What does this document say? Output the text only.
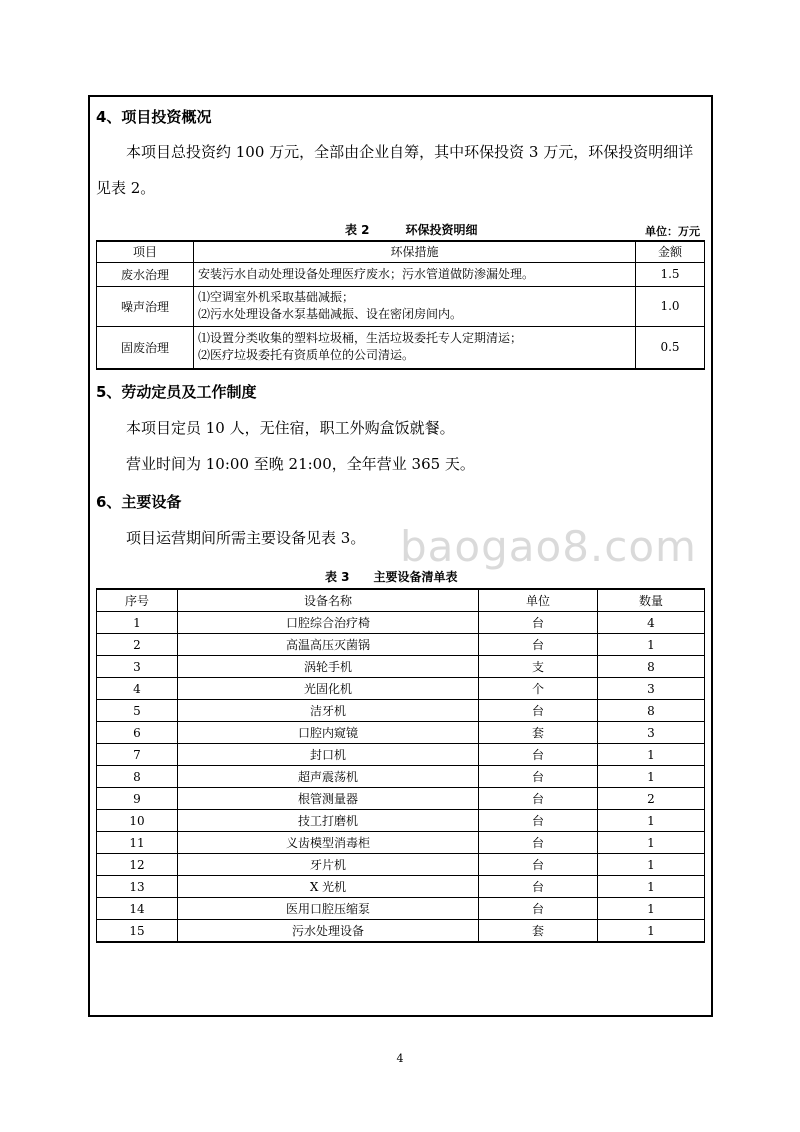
4、项目投资概况
本项目总投资约 100 万元，全部由企业自筹，其中环保投资 3 万元，环保投资明细详见表 2。
表 2　　　环保投资明细	单位：万元
项目	环保措施	金额
废水治理	安装污水自动处理设备处理医疗废水；污水管道做防渗漏处理。	1.5
噪声治理	⑴空调室外机采取基础减振；
⑵污水处理设备水泵基础减振、设在密闭房间内。	1.0
固废治理	⑴设置分类收集的塑料垃圾桶，生活垃圾委托专人定期清运；
⑵医疗垃圾委托有资质单位的公司清运。	0.5
5、劳动定员及工作制度
本项目定员 10 人，无住宿，职工外购盒饭就餐。
营业时间为 10:00 至晚 21:00，全年营业 365 天。
6、主要设备
项目运营期间所需主要设备见表 3。 baogao8.com
表 3　　主要设备清单表
序号	设备名称	单位	数量
1	口腔综合治疗椅	台	4
2	高温高压灭菌锅	台	1
3	涡轮手机	支	8
4	光固化机	个	3
5	洁牙机	台	8
6	口腔内窥镜	套	3
7	封口机	台	1
8	超声震荡机	台	1
9	根管测量器	台	2
10	技工打磨机	台	1
11	义齿模型消毒柜	台	1
12	牙片机	台	1
13	X 光机	台	1
14	医用口腔压缩泵	台	1
15	污水处理设备	套	1
4
